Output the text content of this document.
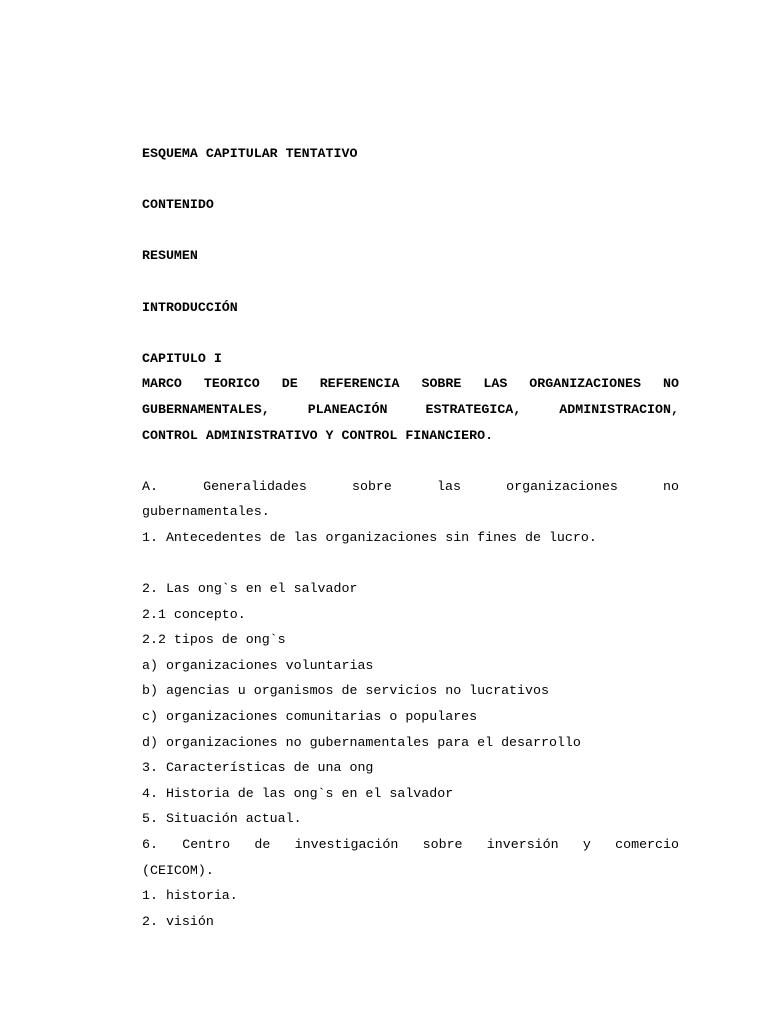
ESQUEMA CAPITULAR TENTATIVO
CONTENIDO
RESUMEN
INTRODUCCIÓN
CAPITULO I
MARCO TEORICO DE REFERENCIA SOBRE LAS ORGANIZACIONES NO
GUBERNAMENTALES,	PLANEACIÓN	ESTRATEGICA,	ADMINISTRACION,
CONTROL ADMINISTRATIVO Y CONTROL FINANCIERO.
A.	Generalidades	sobre	las	organizaciones	no
gubernamentales.
1. Antecedentes de las organizaciones sin fines de lucro.
2. Las ong`s en el salvador
2.1 concepto.
2.2 tipos de ong`s
a) organizaciones voluntarias
b) agencias u organismos de servicios no lucrativos
c) organizaciones comunitarias o populares
d) organizaciones no gubernamentales para el desarrollo
3. Características de una ong
4. Historia de las ong`s en el salvador
5. Situación actual.
6. Centro de investigación sobre inversión y comercio
(CEICOM).
1. historia.
2. visión
